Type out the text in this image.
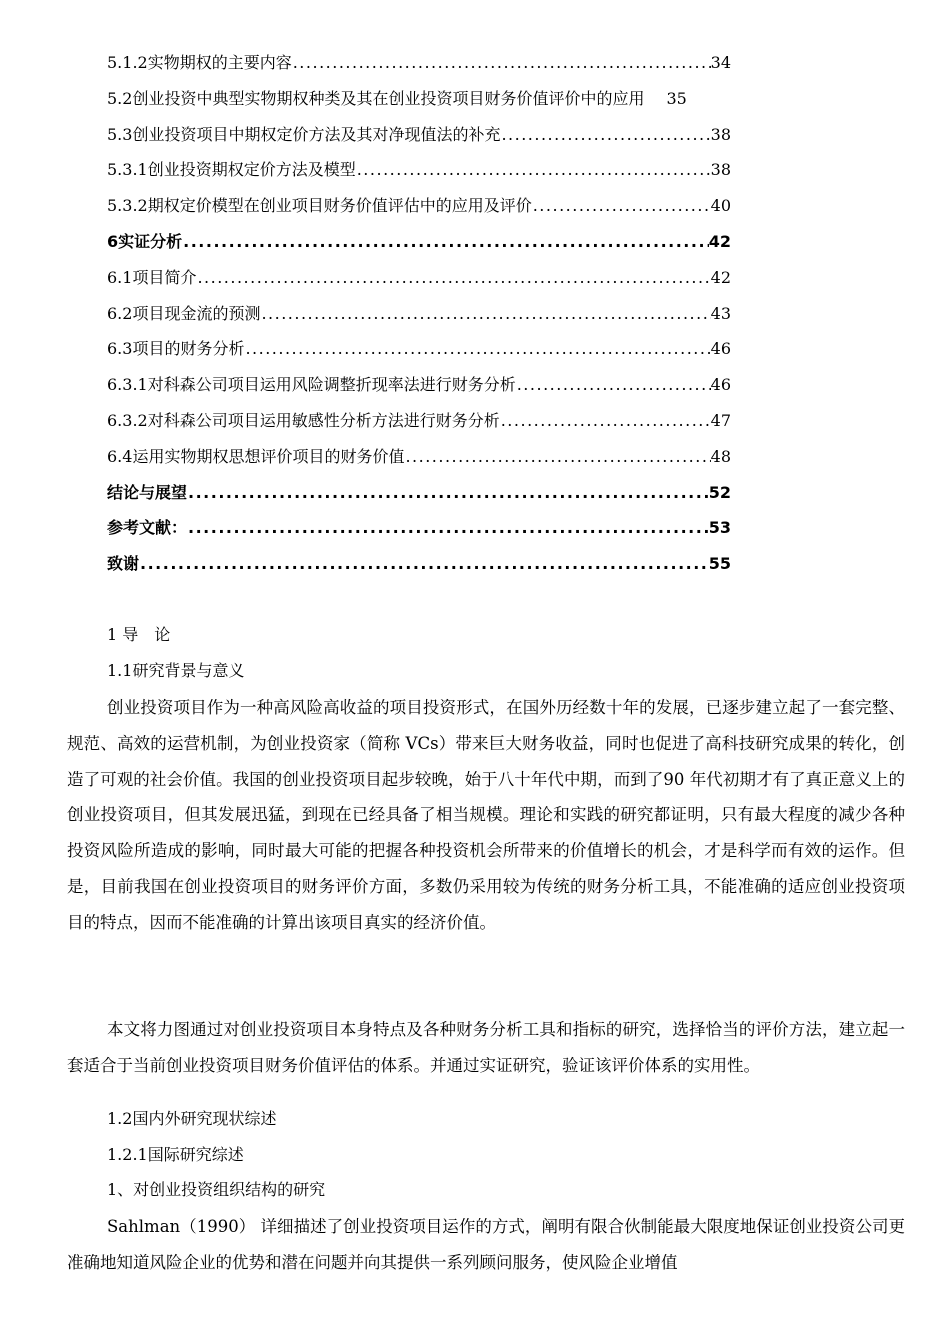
5.1.2实物期权的主要内容 .....	34
5.2创业投资中典型实物期权种类及其在创业投资项目财务价值评价中的应用 35
5.3创业投资项目中期权定价方法及其对净现值法的补充 .....	38
5.3.1创业投资期权定价方法及模型 .....	38
5.3.2期权定价模型在创业项目财务价值评估中的应用及评价 .....	40
6实证分析 .....	42
6.1项目简介 .....	42
6.2项目现金流的预测 .....	43
6.3项目的财务分析 .....	46
6.3.1对科森公司项目运用风险调整折现率法进行财务分析 .....	46
6.3.2对科森公司项目运用敏感性分析方法进行财务分析 .....	47
6.4运用实物期权思想评价项目的财务价值 .....	48
结论与展望 .....	52
参考文献： .....	53
致谢 .....	55
1 导　论
1.1研究背景与意义

创业投资项目作为一种高风险高收益的项目投资形式，在国外历经数十年的发展，已逐步建立起了一套完整、规范、高效的运营机制，为创业投资家（简称 VCs）带来巨大财务收益，同时也促进了高科技研究成果的转化，创造了可观的社会价值。我国的创业投资项目起步较晚，始于八十年代中期，而到了90 年代初期才有了真正意义上的创业投资项目，但其发展迅猛，到现在已经具备了相当规模。理论和实践的研究都证明，只有最大程度的减少各种投资风险所造成的影响，同时最大可能的把握各种投资机会所带来的价值增长的机会，才是科学而有效的运作。但是，目前我国在创业投资项目的财务评价方面，多数仍采用较为传统的财务分析工具，不能准确的适应创业投资项目的特点，因而不能准确的计算出该项目真实的经济价值。

本文将力图通过对创业投资项目本身特点及各种财务分析工具和指标的研究，选择恰当的评价方法，建立起一套适合于当前创业投资项目财务价值评估的体系。并通过实证研究，验证该评价体系的实用性。

1.2国内外研究现状综述
1.2.1国际研究综述
1、对创业投资组织结构的研究

Sahlman（1990） 详细描述了创业投资项目运作的方式，阐明有限合伙制能最大限度地保证创业投资公司更准确地知道风险企业的优势和潜在问题并向其提供一系列顾问服务，使风险企业增值
